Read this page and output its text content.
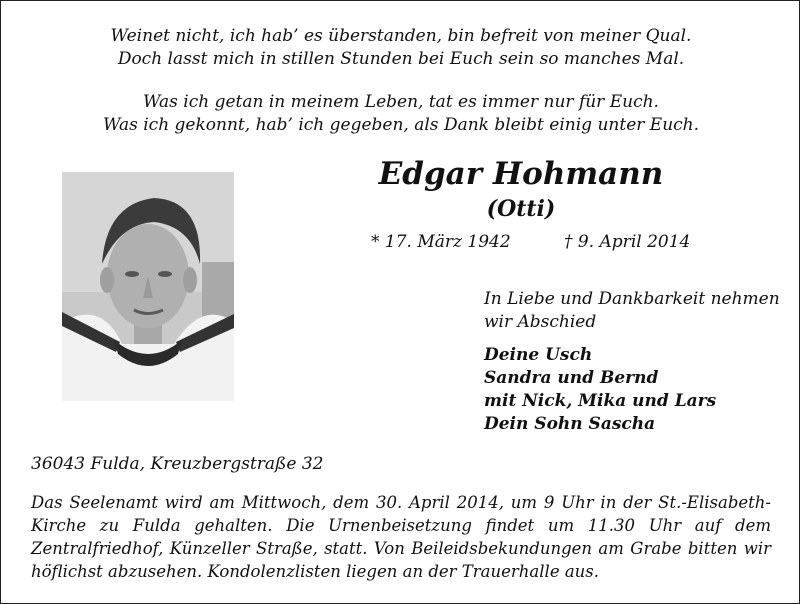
Weinet nicht, ich hab’ es überstanden, bin befreit von meiner Qual.
Doch lasst mich in stillen Stunden bei Euch sein so manches Mal.
Was ich getan in meinem Leben, tat es immer nur für Euch.
Was ich gekonnt, hab’ ich gegeben, als Dank bleibt einig unter Euch.
Edgar Hohmann
(Otti)
* 17. März 1942	† 9. April 2014
In Liebe und Dankbarkeit nehmen
wir Abschied
Deine Usch
Sandra und Bernd
mit Nick, Mika und Lars
Dein Sohn Sascha
36043 Fulda, Kreuzbergstraße 32
Das Seelenamt wird am Mittwoch, dem 30. April 2014, um 9 Uhr in der St.-Elisabeth-Kirche zu Fulda gehalten. Die Urnenbeisetzung findet um 11.30 Uhr auf dem Zentralfriedhof, Künzeller Straße, statt. Von Beileidsbekundungen am Grabe bitten wir höflichst abzusehen. Kondolenzlisten liegen an der Trauerhalle aus.
